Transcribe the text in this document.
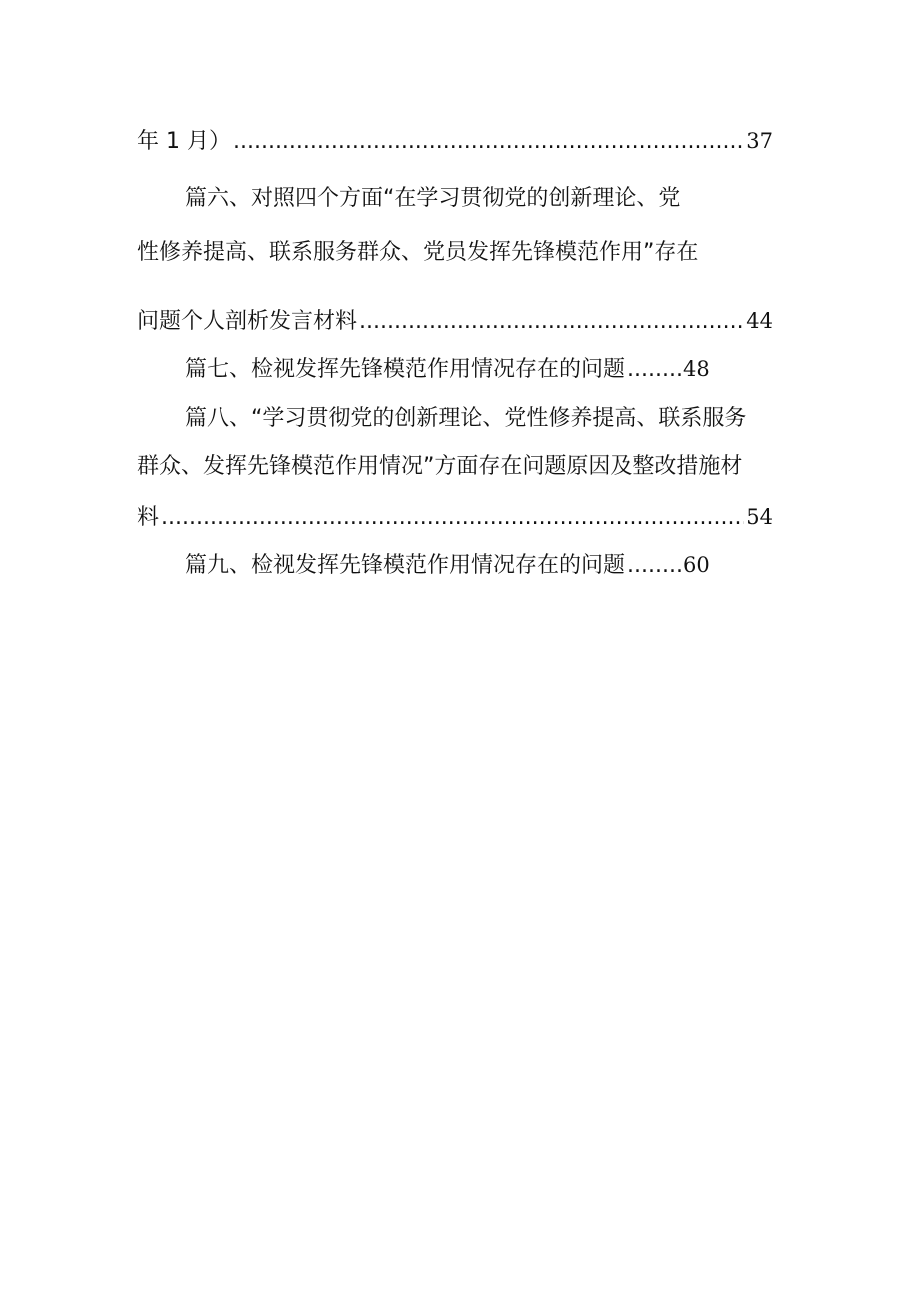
年 1 月） .....	37
篇六、对照四个方面“在学习贯彻党的创新理论、党
性修养提高、联系服务群众、党员发挥先锋模范作用”存在
问题个人剖析发言材料 .....	44
篇七、检视发挥先锋模范作用情况存在的问题 .....	48
篇八、“学习贯彻党的创新理论、党性修养提高、联系服务
群众、发挥先锋模范作用情况”方面存在问题原因及整改措施材
料 .....	54
篇九、检视发挥先锋模范作用情况存在的问题 .....	60
